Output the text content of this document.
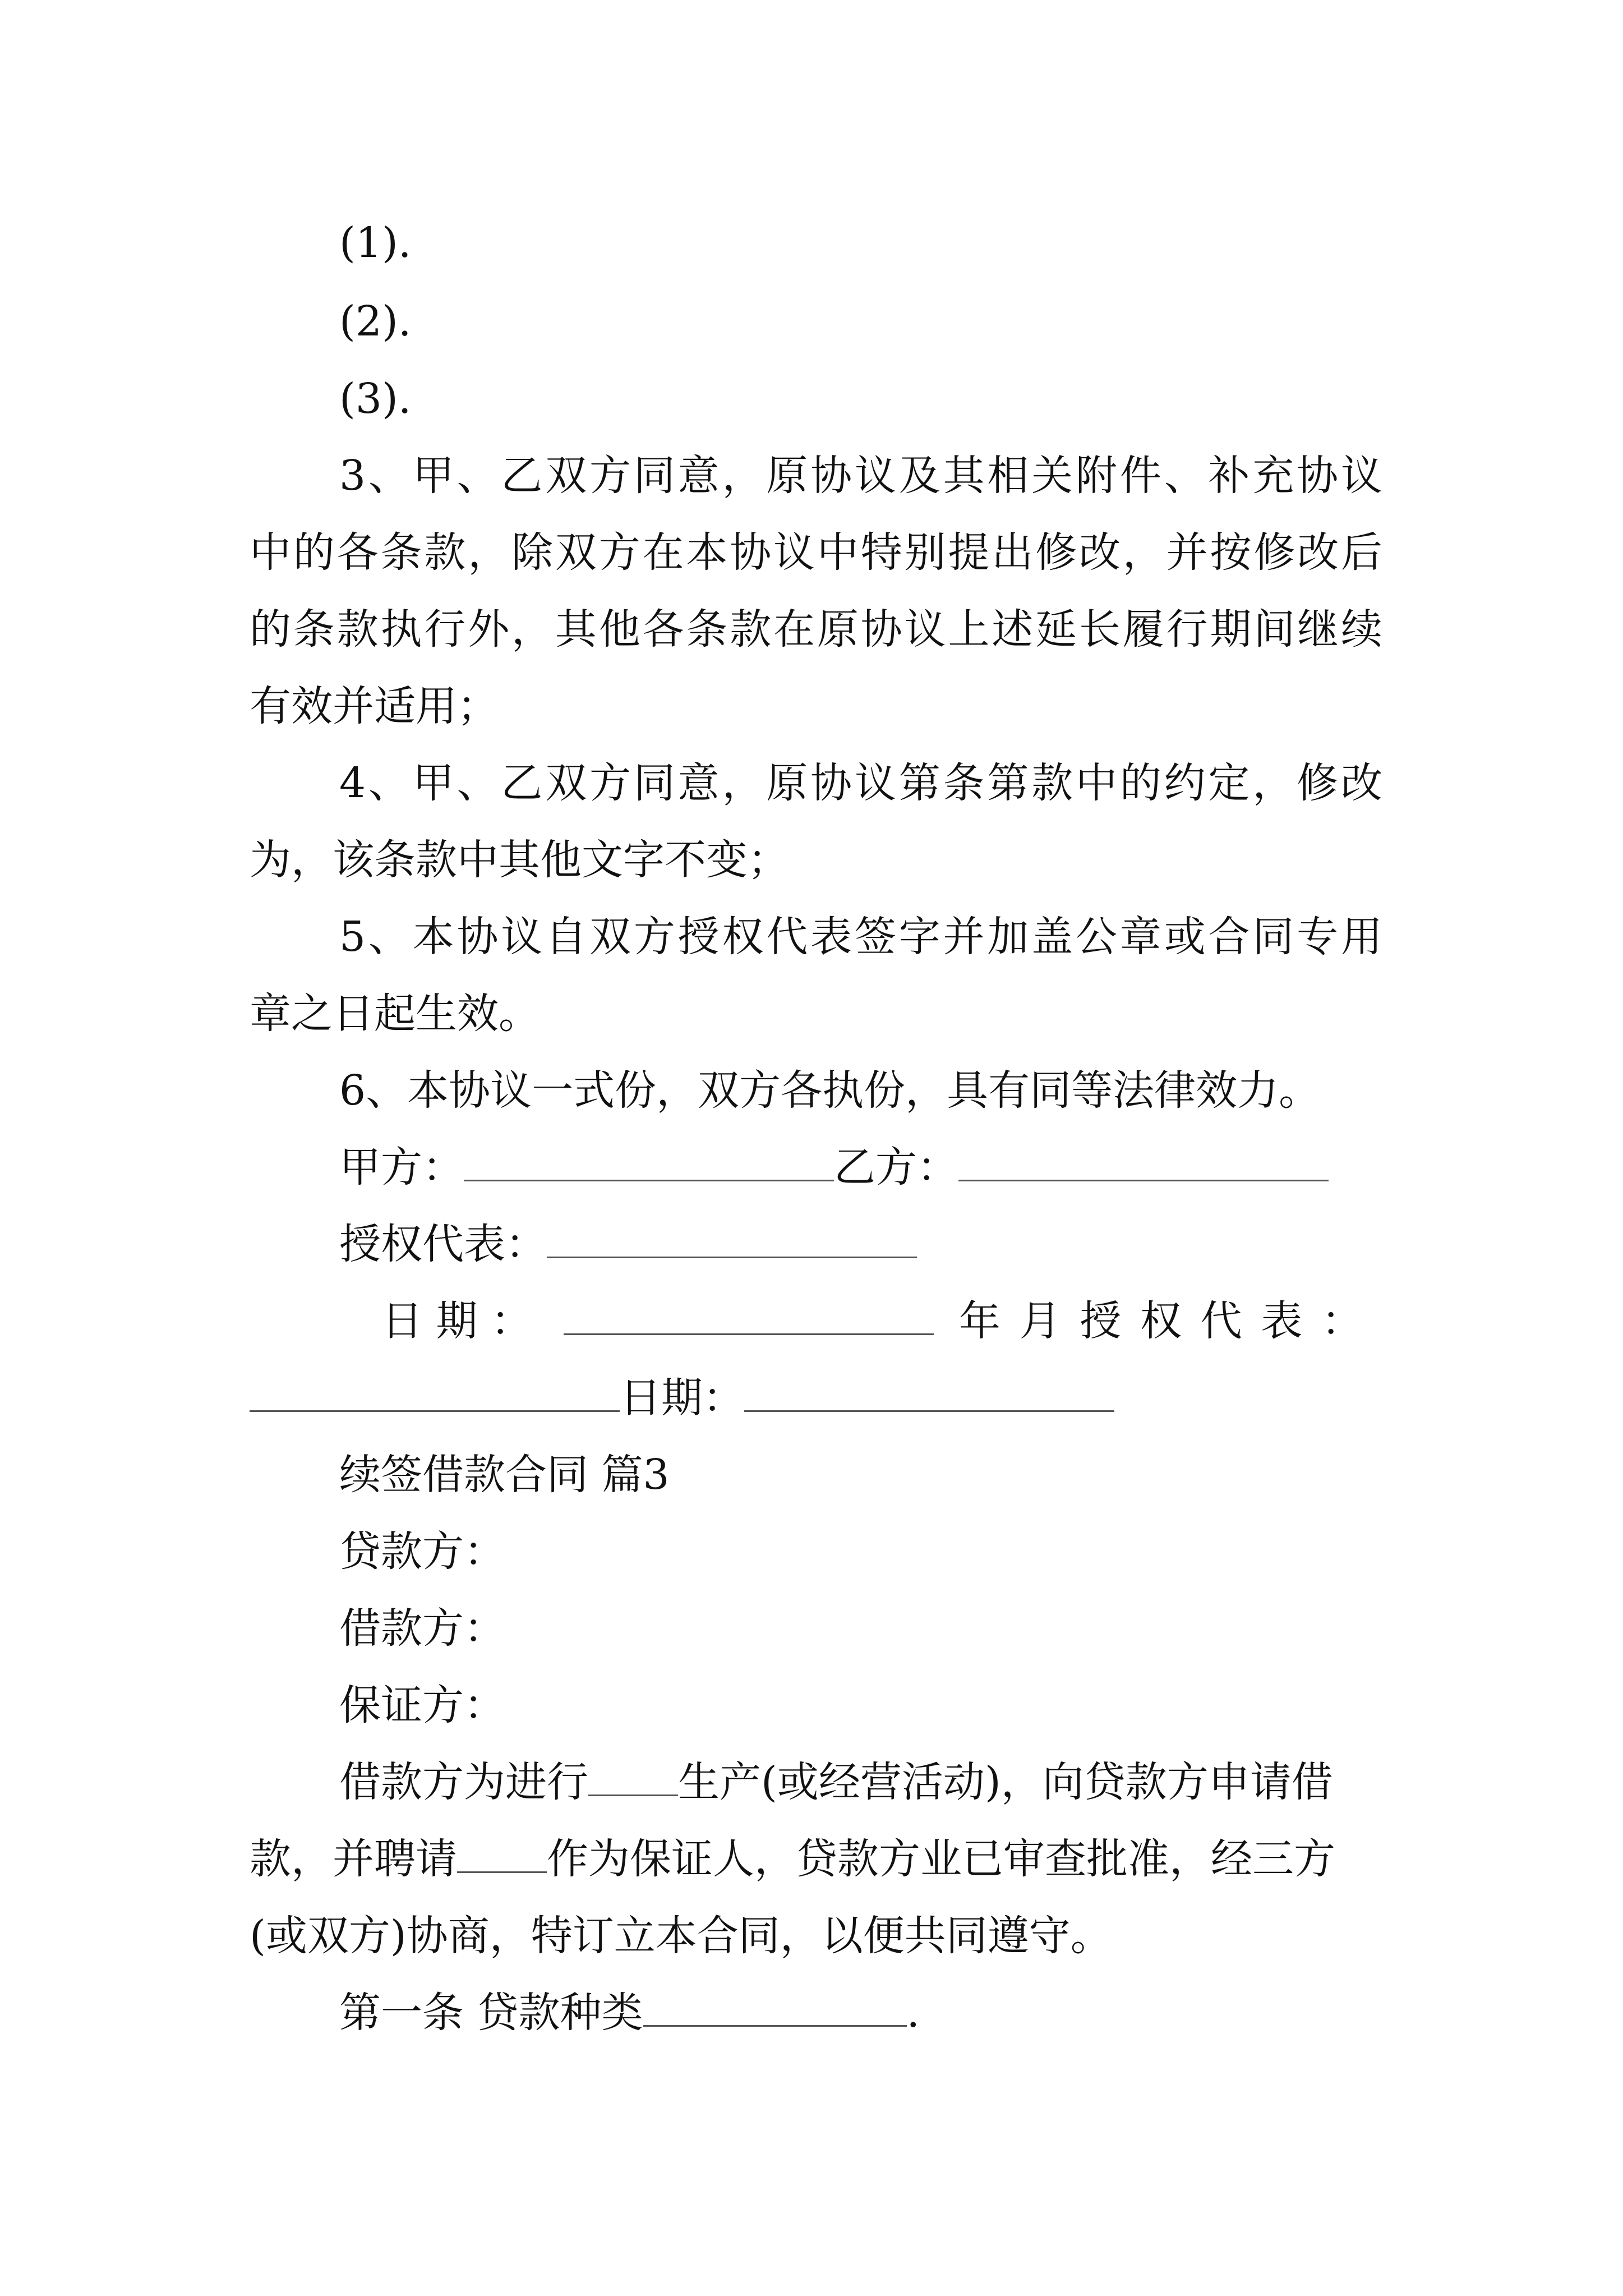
(1).
(2).
(3).
3、甲、乙双方同意，原协议及其相关附件、补充协议
中的各条款，除双方在本协议中特别提出修改，并按修改后
的条款执行外，其他各条款在原协议上述延长履行期间继续
有效并适用；
4、甲、乙双方同意，原协议第条第款中的约定，修改
为，该条款中其他文字不变；
5、本协议自双方授权代表签字并加盖公章或合同专用
章之日起生效。
6、本协议一式份，双方各执份，具有同等法律效力。
甲方：	乙方：
授权代表：
日 期 ：	年 月 授 权 代 表 ：
日期：
续签借款合同 篇3
贷款方：
借款方：
保证方：
借款方为进行 生产(或经营活动)，向贷款方申请借
款，并聘请 作为保证人，贷款方业已审查批准，经三方
(或双方)协商，特订立本合同，以便共同遵守。
第一条 贷款种类	.
